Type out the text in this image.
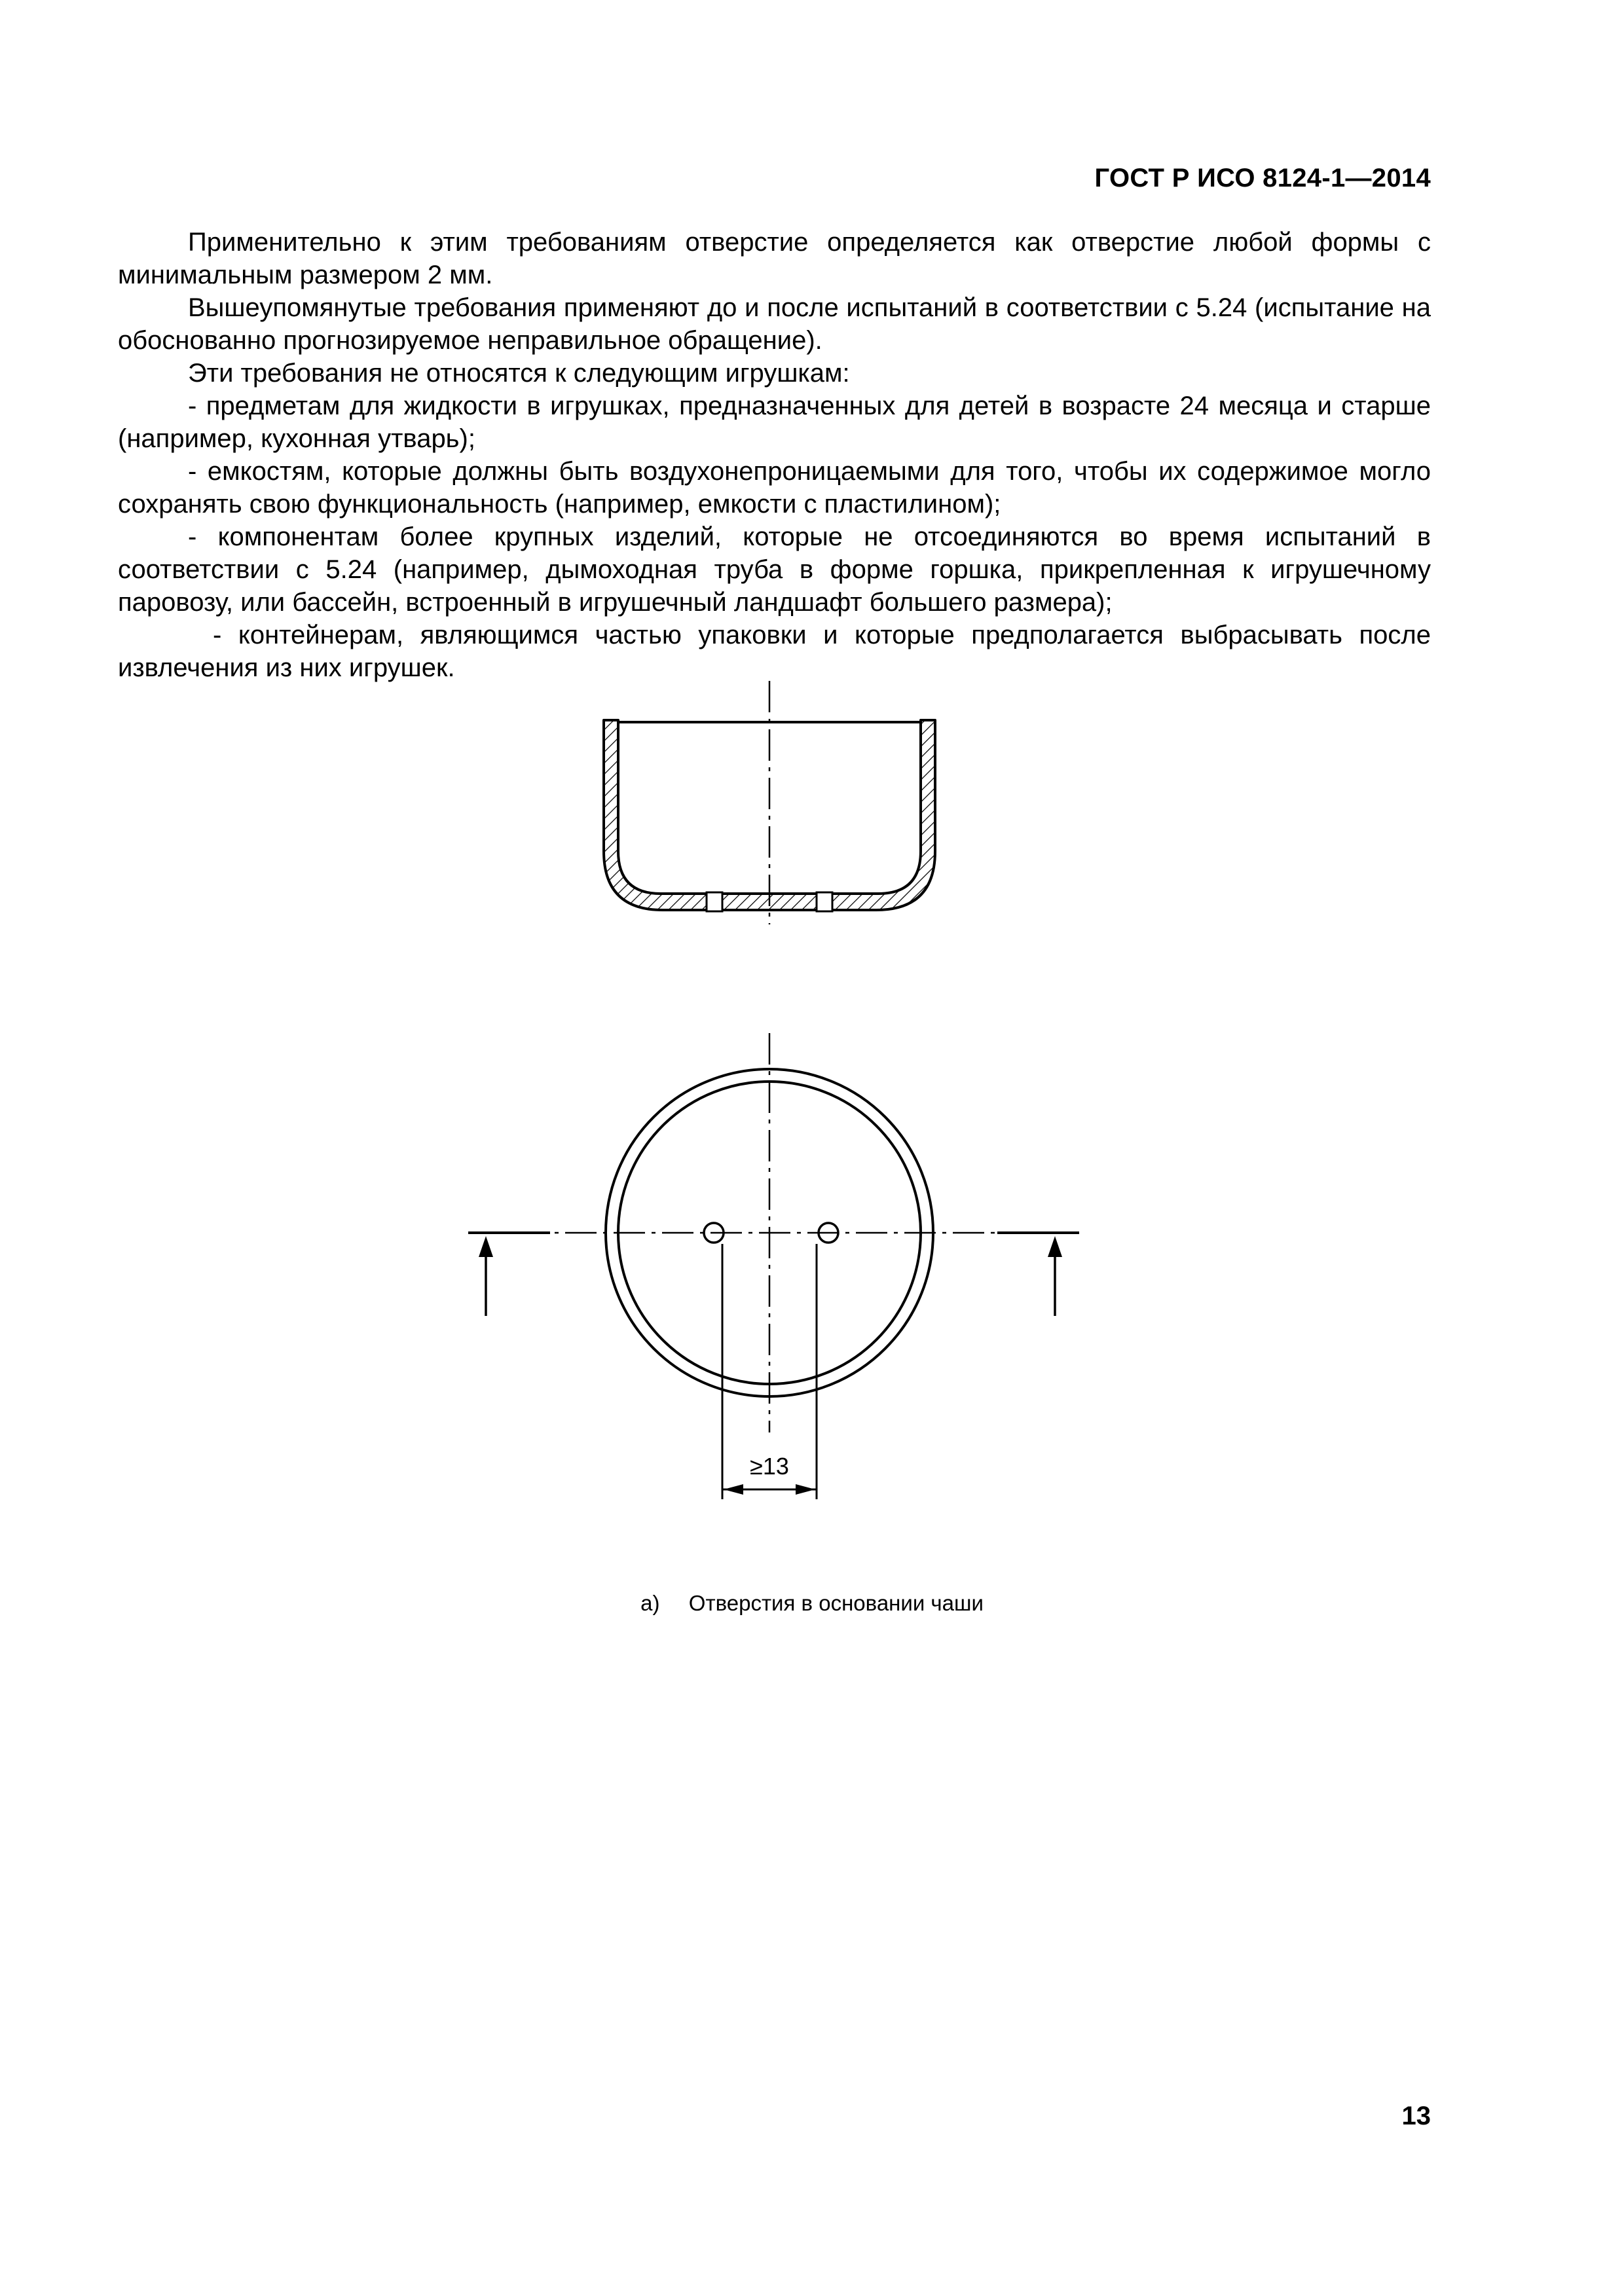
ГОСТ Р ИСО 8124-1—2014

Применительно к этим требованиям отверстие определяется как отверстие любой формы с минимальным размером 2 мм.

Вышеупомянутые требования применяют до и после испытаний в соответствии с 5.24 (испытание на обоснованно прогнозируемое неправильное обращение).

Эти требования не относятся к следующим игрушкам:

- предметам для жидкости в игрушках, предназначенных для детей в возрасте 24 месяца и старше (например, кухонная утварь);

- емкостям, которые должны быть воздухонепроницаемыми для того, чтобы их содержимое могло сохранять свою функциональность (например, емкости с пластилином);

- компонентам более крупных изделий, которые не отсоединяются во время испытаний в соответствии с 5.24 (например, дымоходная труба в форме горшка, прикрепленная к игрушечному паровозу, или бассейн, встроенный в игрушечный ландшафт большего размера);

- контейнерам, являющимся частью упаковки и которые предполагается выбрасывать после извлечения из них игрушек.

≥13
a) Отверстия в основании чаши
13
